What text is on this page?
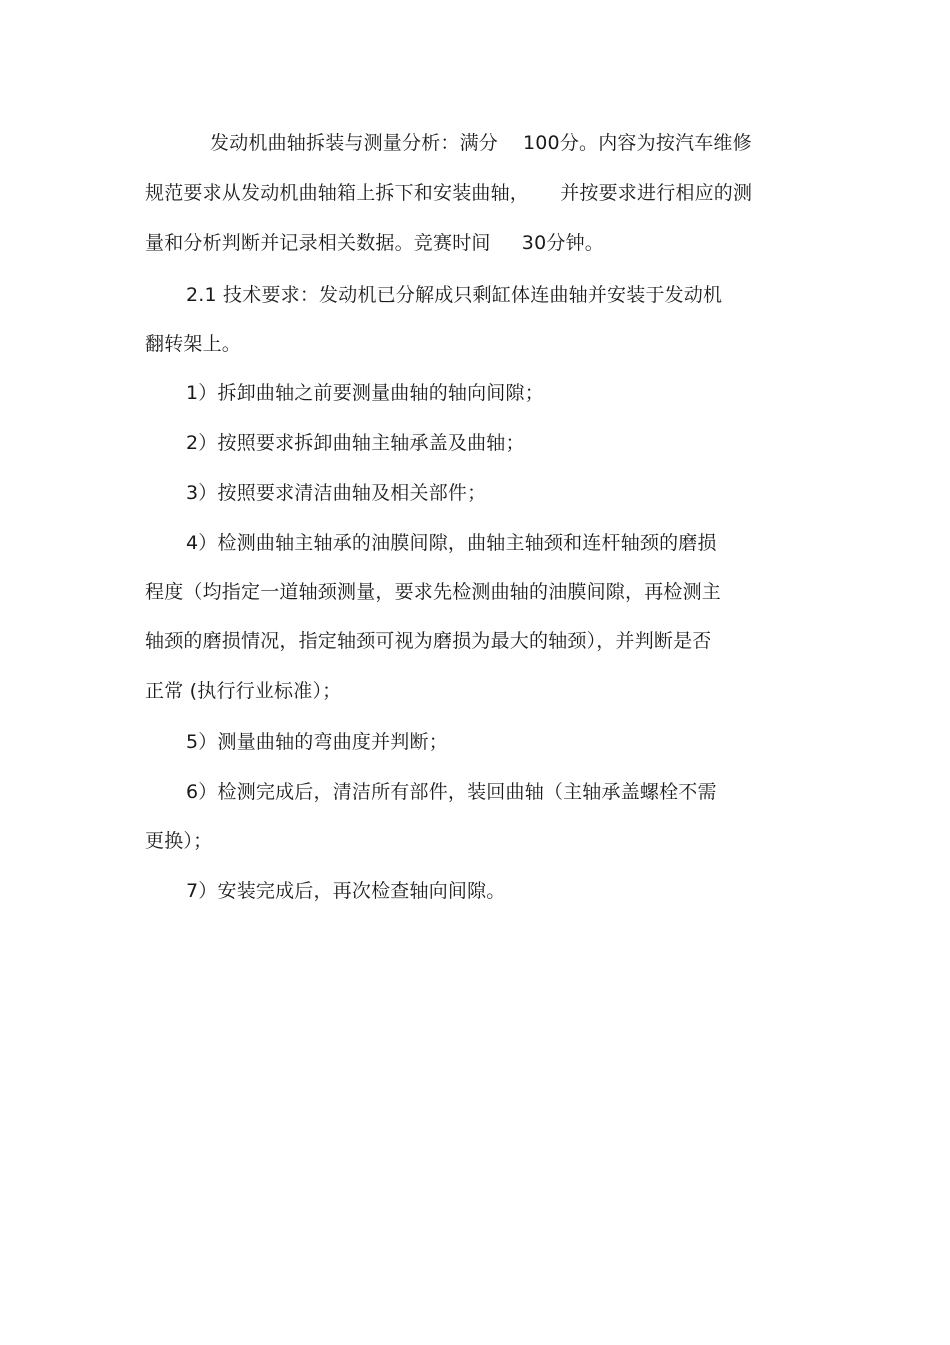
发动机曲轴拆装与测量分析：满分    100分。内容为按汽车维修
规范要求从发动机曲轴箱上拆下和安装曲轴，     并按要求进行相应的测
量和分析判断并记录相关数据。竞赛时间     30分钟。
2.1 技术要求：发动机已分解成只剩缸体连曲轴并安装于发动机
翻转架上。
1）拆卸曲轴之前要测量曲轴的轴向间隙；
2）按照要求拆卸曲轴主轴承盖及曲轴；
3）按照要求清洁曲轴及相关部件；
4）检测曲轴主轴承的油膜间隙，曲轴主轴颈和连杆轴颈的磨损
程度（均指定一道轴颈测量，要求先检测曲轴的油膜间隙，再检测主
轴颈的磨损情况，指定轴颈可视为磨损为最大的轴颈），并判断是否
正常 (执行行业标准）；
5）测量曲轴的弯曲度并判断；
6）检测完成后，清洁所有部件，装回曲轴（主轴承盖螺栓不需
更换）；
7）安装完成后，再次检查轴向间隙。
